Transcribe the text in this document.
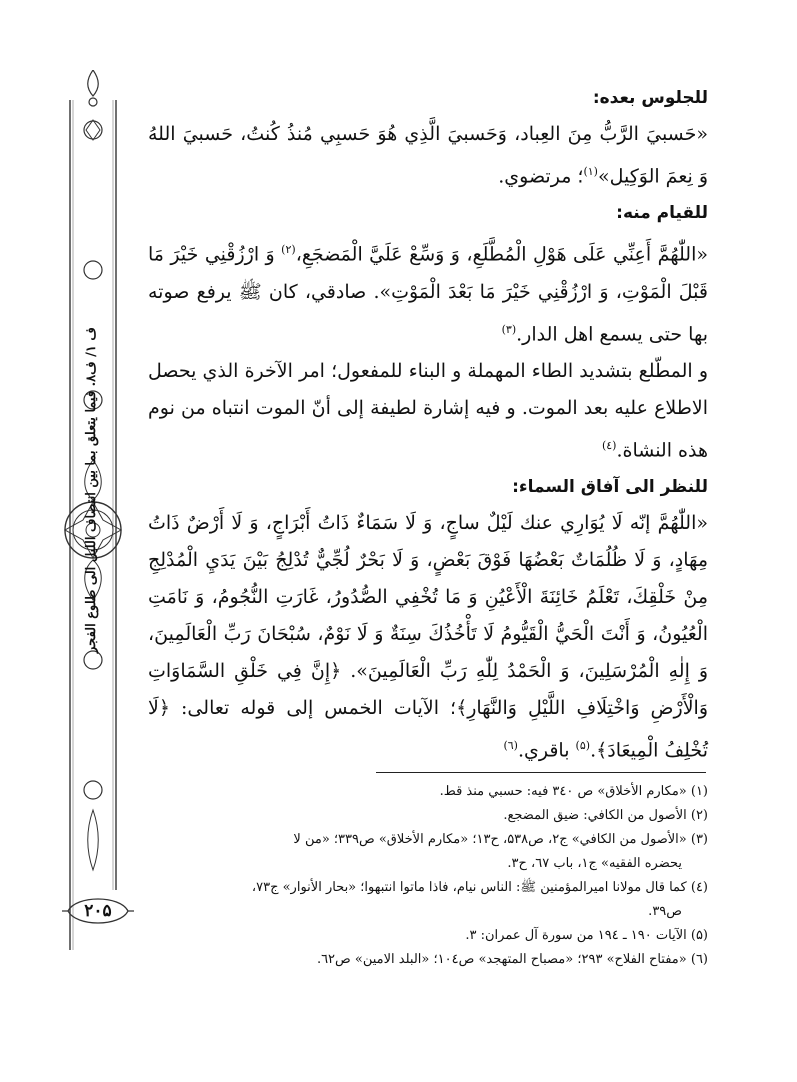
ف ۱/ ف۸. فیما یتعلق بما بین انتصاف اللیل الی طلوع الفجر
۲۰۵
للجلوس بعده:

«حَسبيَ الرَّبُّ مِنَ العِباد، وَحَسبيَ الَّذِي هُوَ حَسبِي مُنذُ كُنتُ، حَسبيَ اللهُ وَ نِعمَ الوَكِيل»$^{(۱)}$؛ مرتضوي.

للقيام منه:

«اللّٰهُمَّ أَعِنِّي عَلَى هَوْلِ الْمُطَّلَعِ، وَ وَسِّعْ عَلَيَّ الْمَضجَعِ،$^{(۲)}$ وَ ارْزُقْنِي خَيْرَ مَا قَبْلَ الْمَوْتِ، وَ ارْزُقْنِي خَيْرَ مَا بَعْدَ الْمَوْتِ». صادقي، كان ﷺ يرفع صوته بها حتى يسمع اهل الدار.$^{(۳)}$

و المطّلع بتشديد الطاء المهملة و البناء للمفعول؛ امر الآخرة الذي يحصل الاطلاع عليه بعد الموت. و فيه إشارة لطيفة إلى أنّ الموت انتباه من نوم هذه النشاة.$^{(٤)}$

للنظر الى آفاق السماء:

«اللّٰهُمَّ إنّه لَا يُوَارِي عنك لَيْلٌ ساجٍ، وَ لَا سَمَاءٌ ذَاتُ أَبْرَاجٍ، وَ لَا أَرْضٌ ذَاتُ مِهَادٍ، وَ لَا ظُلُمَاتٌ بَعْضُهَا فَوْقَ بَعْضٍ، وَ لَا بَحْرٌ لُجِّيٌّ تُدْلِجُ بَيْنَ يَدَيِ الْمُدْلِجِ مِنْ خَلْقِكَ، تَعْلَمُ خَائِنَةَ الْأَعْيُنِ وَ مَا تُخْفِي الصُّدُورُ، غَارَتِ النُّجُومُ، وَ نَامَتِ الْعُيُونُ، وَ أَنْتَ الْحَيُّ الْقَيُّومُ لَا تَأْخُذُكَ سِنَةٌ وَ لَا نَوْمٌ، سُبْحَانَ رَبِّ الْعَالَمِينَ، وَ إِلٰهِ الْمُرْسَلِينَ، وَ الْحَمْدُ لِلّٰهِ رَبِّ الْعَالَمِينَ». ﴿إِنَّ فِي خَلْقِ السَّمَاوَاتِ وَالْأَرْضِ وَاخْتِلَافِ اللَّيْلِ وَالنَّهَارِ﴾؛ الآيات الخمس إلى قوله تعالى: ﴿لَا تُخْلِفُ الْمِيعَادَ﴾.$^{(۵)}$ باقري.$^{(٦)}$

(۱) «مكارم الأخلاق» ص ۳٤٠ فيه: حسبي منذ قط.

(۲) الأصول من الكافي: ضيق المضجع.

(۳) «الأصول من الكافي» ج۲، ص۵۳۸، ح۱۳؛ «مكارم الأخلاق» ص۳۳۹؛ «من لا

يحضره الفقيه» ج۱، باب ٦٧، ح۳.

(٤) كما قال مولانا اميرالمؤمنين ﷺ: الناس نيام، فاذا ماتوا انتبهوا؛ «بحار الأنوار» ج۷۳،

ص۳۹.

(۵) الآيات ۱۹۰ ـ ۱۹٤ من سورة آل عمران: ۳.

(٦) «مفتاح الفلاح» ۲۹۳؛ «مصباح المتهجد» ص۱۰٤؛ «البلد الامين» ص٦۲.
